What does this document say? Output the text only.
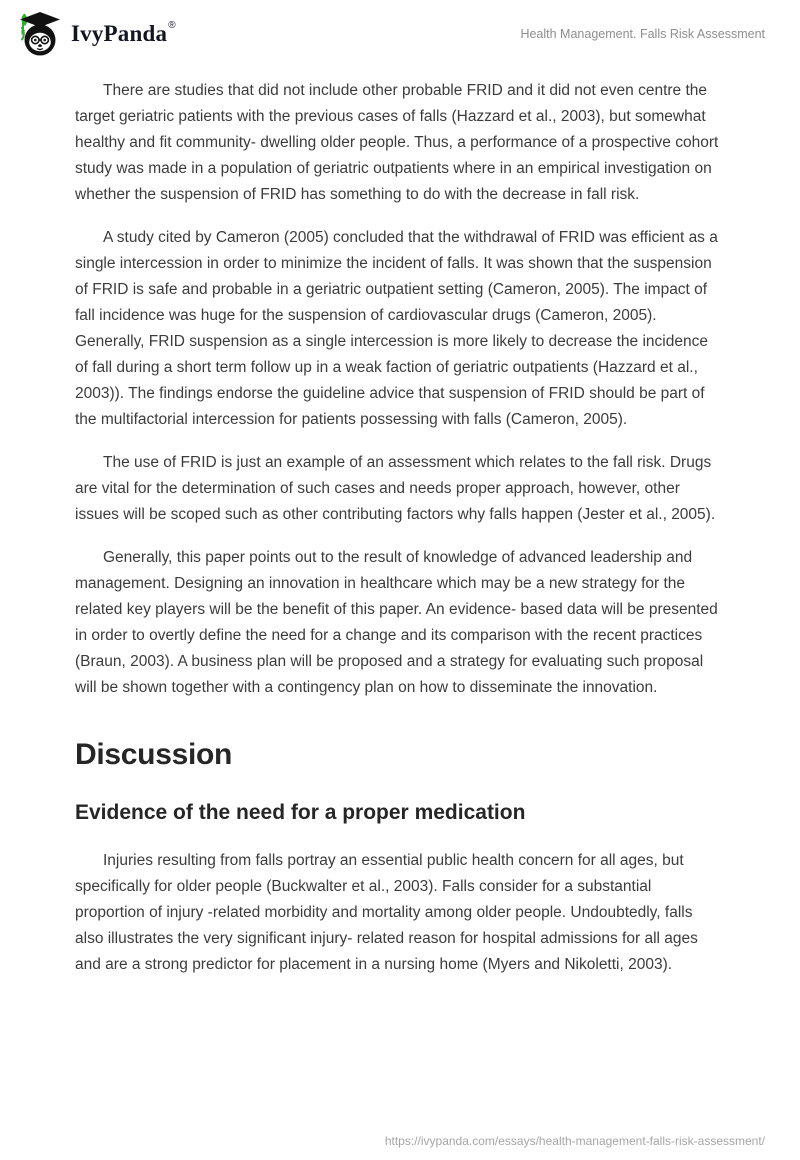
IvyPanda®
Health Management. Falls Risk Assessment

There are studies that did not include other probable FRID and it did not even centre the target geriatric patients with the previous cases of falls (Hazzard et al., 2003), but somewhat healthy and fit community- dwelling older people. Thus, a performance of a prospective cohort study was made in a population of geriatric outpatients where in an empirical investigation on whether the suspension of FRID has something to do with the decrease in fall risk.

A study cited by Cameron (2005) concluded that the withdrawal of FRID was efficient as a single intercession in order to minimize the incident of falls. It was shown that the suspension of FRID is safe and probable in a geriatric outpatient setting (Cameron, 2005). The impact of fall incidence was huge for the suspension of cardiovascular drugs (Cameron, 2005). Generally, FRID suspension as a single intercession is more likely to decrease the incidence of fall during a short term follow up in a weak faction of geriatric outpatients (Hazzard et al., 2003)). The findings endorse the guideline advice that suspension of FRID should be part of the multifactorial intercession for patients possessing with falls (Cameron, 2005).

The use of FRID is just an example of an assessment which relates to the fall risk. Drugs are vital for the determination of such cases and needs proper approach, however, other issues will be scoped such as other contributing factors why falls happen (Jester et al., 2005).

Generally, this paper points out to the result of knowledge of advanced leadership and management. Designing an innovation in healthcare which may be a new strategy for the related key players will be the benefit of this paper. An evidence- based data will be presented in order to overtly define the need for a change and its comparison with the recent practices (Braun, 2003). A business plan will be proposed and a strategy for evaluating such proposal will be shown together with a contingency plan on how to disseminate the innovation.

Discussion
Evidence of the need for a proper medication

Injuries resulting from falls portray an essential public health concern for all ages, but specifically for older people (Buckwalter et al., 2003). Falls consider for a substantial proportion of injury -related morbidity and mortality among older people. Undoubtedly, falls also illustrates the very significant injury- related reason for hospital admissions for all ages and are a strong predictor for placement in a nursing home (Myers and Nikoletti, 2003).

https://ivypanda.com/essays/health-management-falls-risk-assessment/
